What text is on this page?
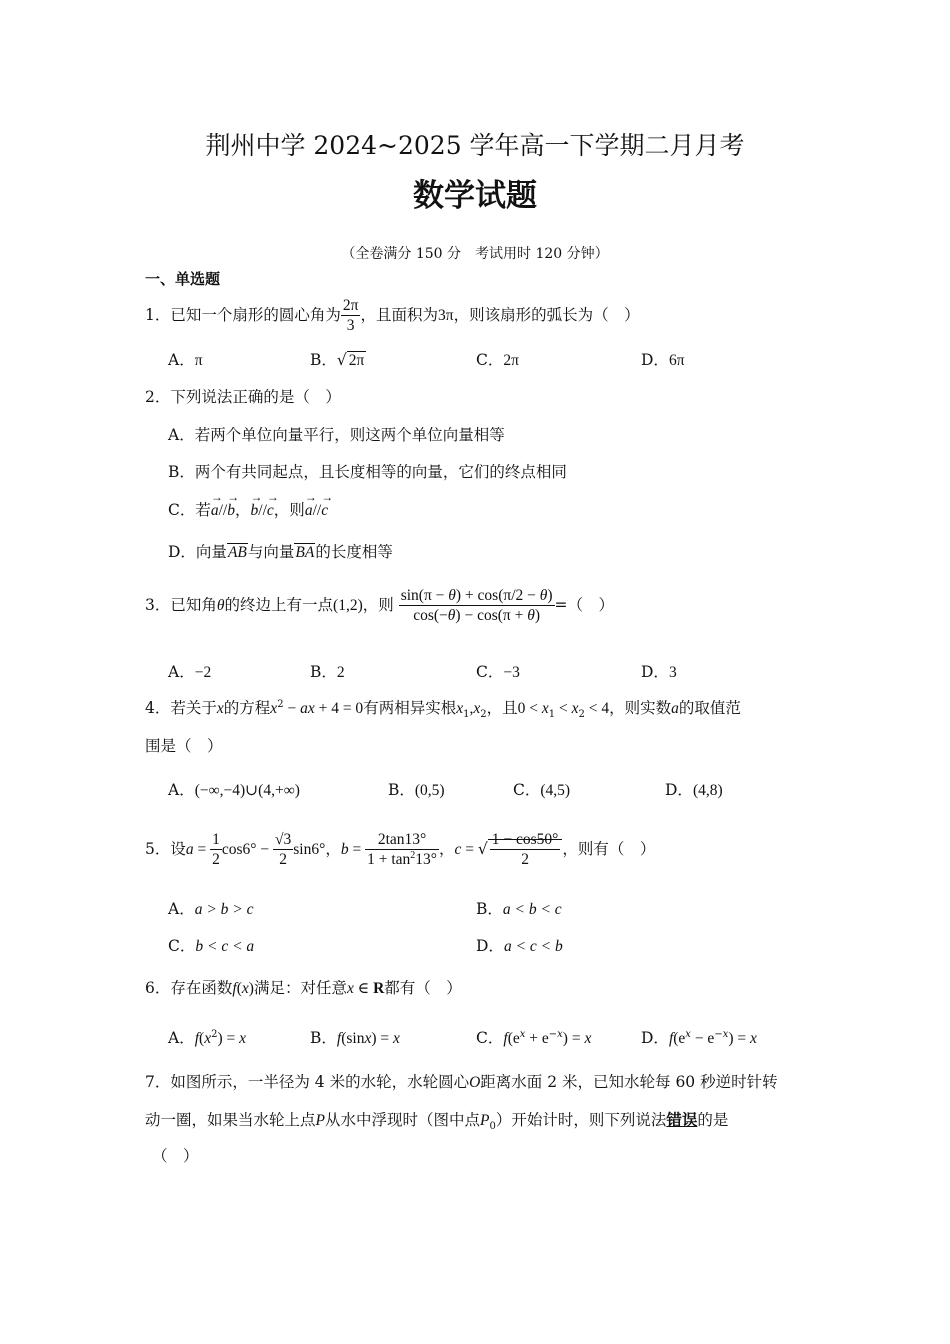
荆州中学 2024~2025 学年高一下学期二月月考
数学试题
（全卷满分 150 分　考试用时 120 分钟）
一、单选题
1．已知一个扇形的圆心角为 $\frac{2\pi}{3}$ ，且面积为3π，则该扇形的弧长为（　）
A．π	B．√ 2π	C．2π	D．6π
2．下列说法正确的是（　）
A．若两个单位向量平行，则这两个单位向量相等
B．两个有共同起点，且长度相等的向量，它们的终点相同
C．若→ a//→ b，→ b//→ c，则→ a//→ c
D．向量AB与向量BA的长度相等
3．已知角θ的终边上有一点(1,2)，则 $\frac{\sin(\pi - \theta) + \cos(\pi/2 - \theta)}{\cos(-\theta) - \cos(\pi + \theta)}$ =（　）
A．−2	B．2	C．−3	D．3
4．若关于x的方程$x^2$ − ax + 4 = 0有两相异实根$x_1,x_2$，且$0 < x_1 < x_2 < 4$，则实数a的取值范
围是（　）
A．(−∞,−4)∪(4,+∞)	B．(0,5)	C．(4,5)	D．(4,8)
5．设$a = \frac{1}{2} \cos 6^\circ - \frac{√3}{2} \sin 6^\circ$，$b = \frac{2\tan 13^\circ}{1 + \tan^213^\circ}$ ，c = √ $\frac{1 - \cos 50^\circ}{2}$ ，则有（　）
A．a > b > c	B．a < b < c
C．b < c < a	D．a < c < b
6．存在函数f(x)满足：对任意x ∈ R都有（　）
A．$f(x^2) = x$	B．f(sinx) = x	C．$f(e^x + e^{-x}) = x$	D．$f(e^x - e^{-x}) = x$
7．如图所示，一半径为 4 米的水轮，水轮圆心O距离水面 2 米，已知水轮每 60 秒逆时针转
动一圈，如果当水轮上点P从水中浮现时（图中点$P_0$）开始计时，则下列说法错误的是
（　）
